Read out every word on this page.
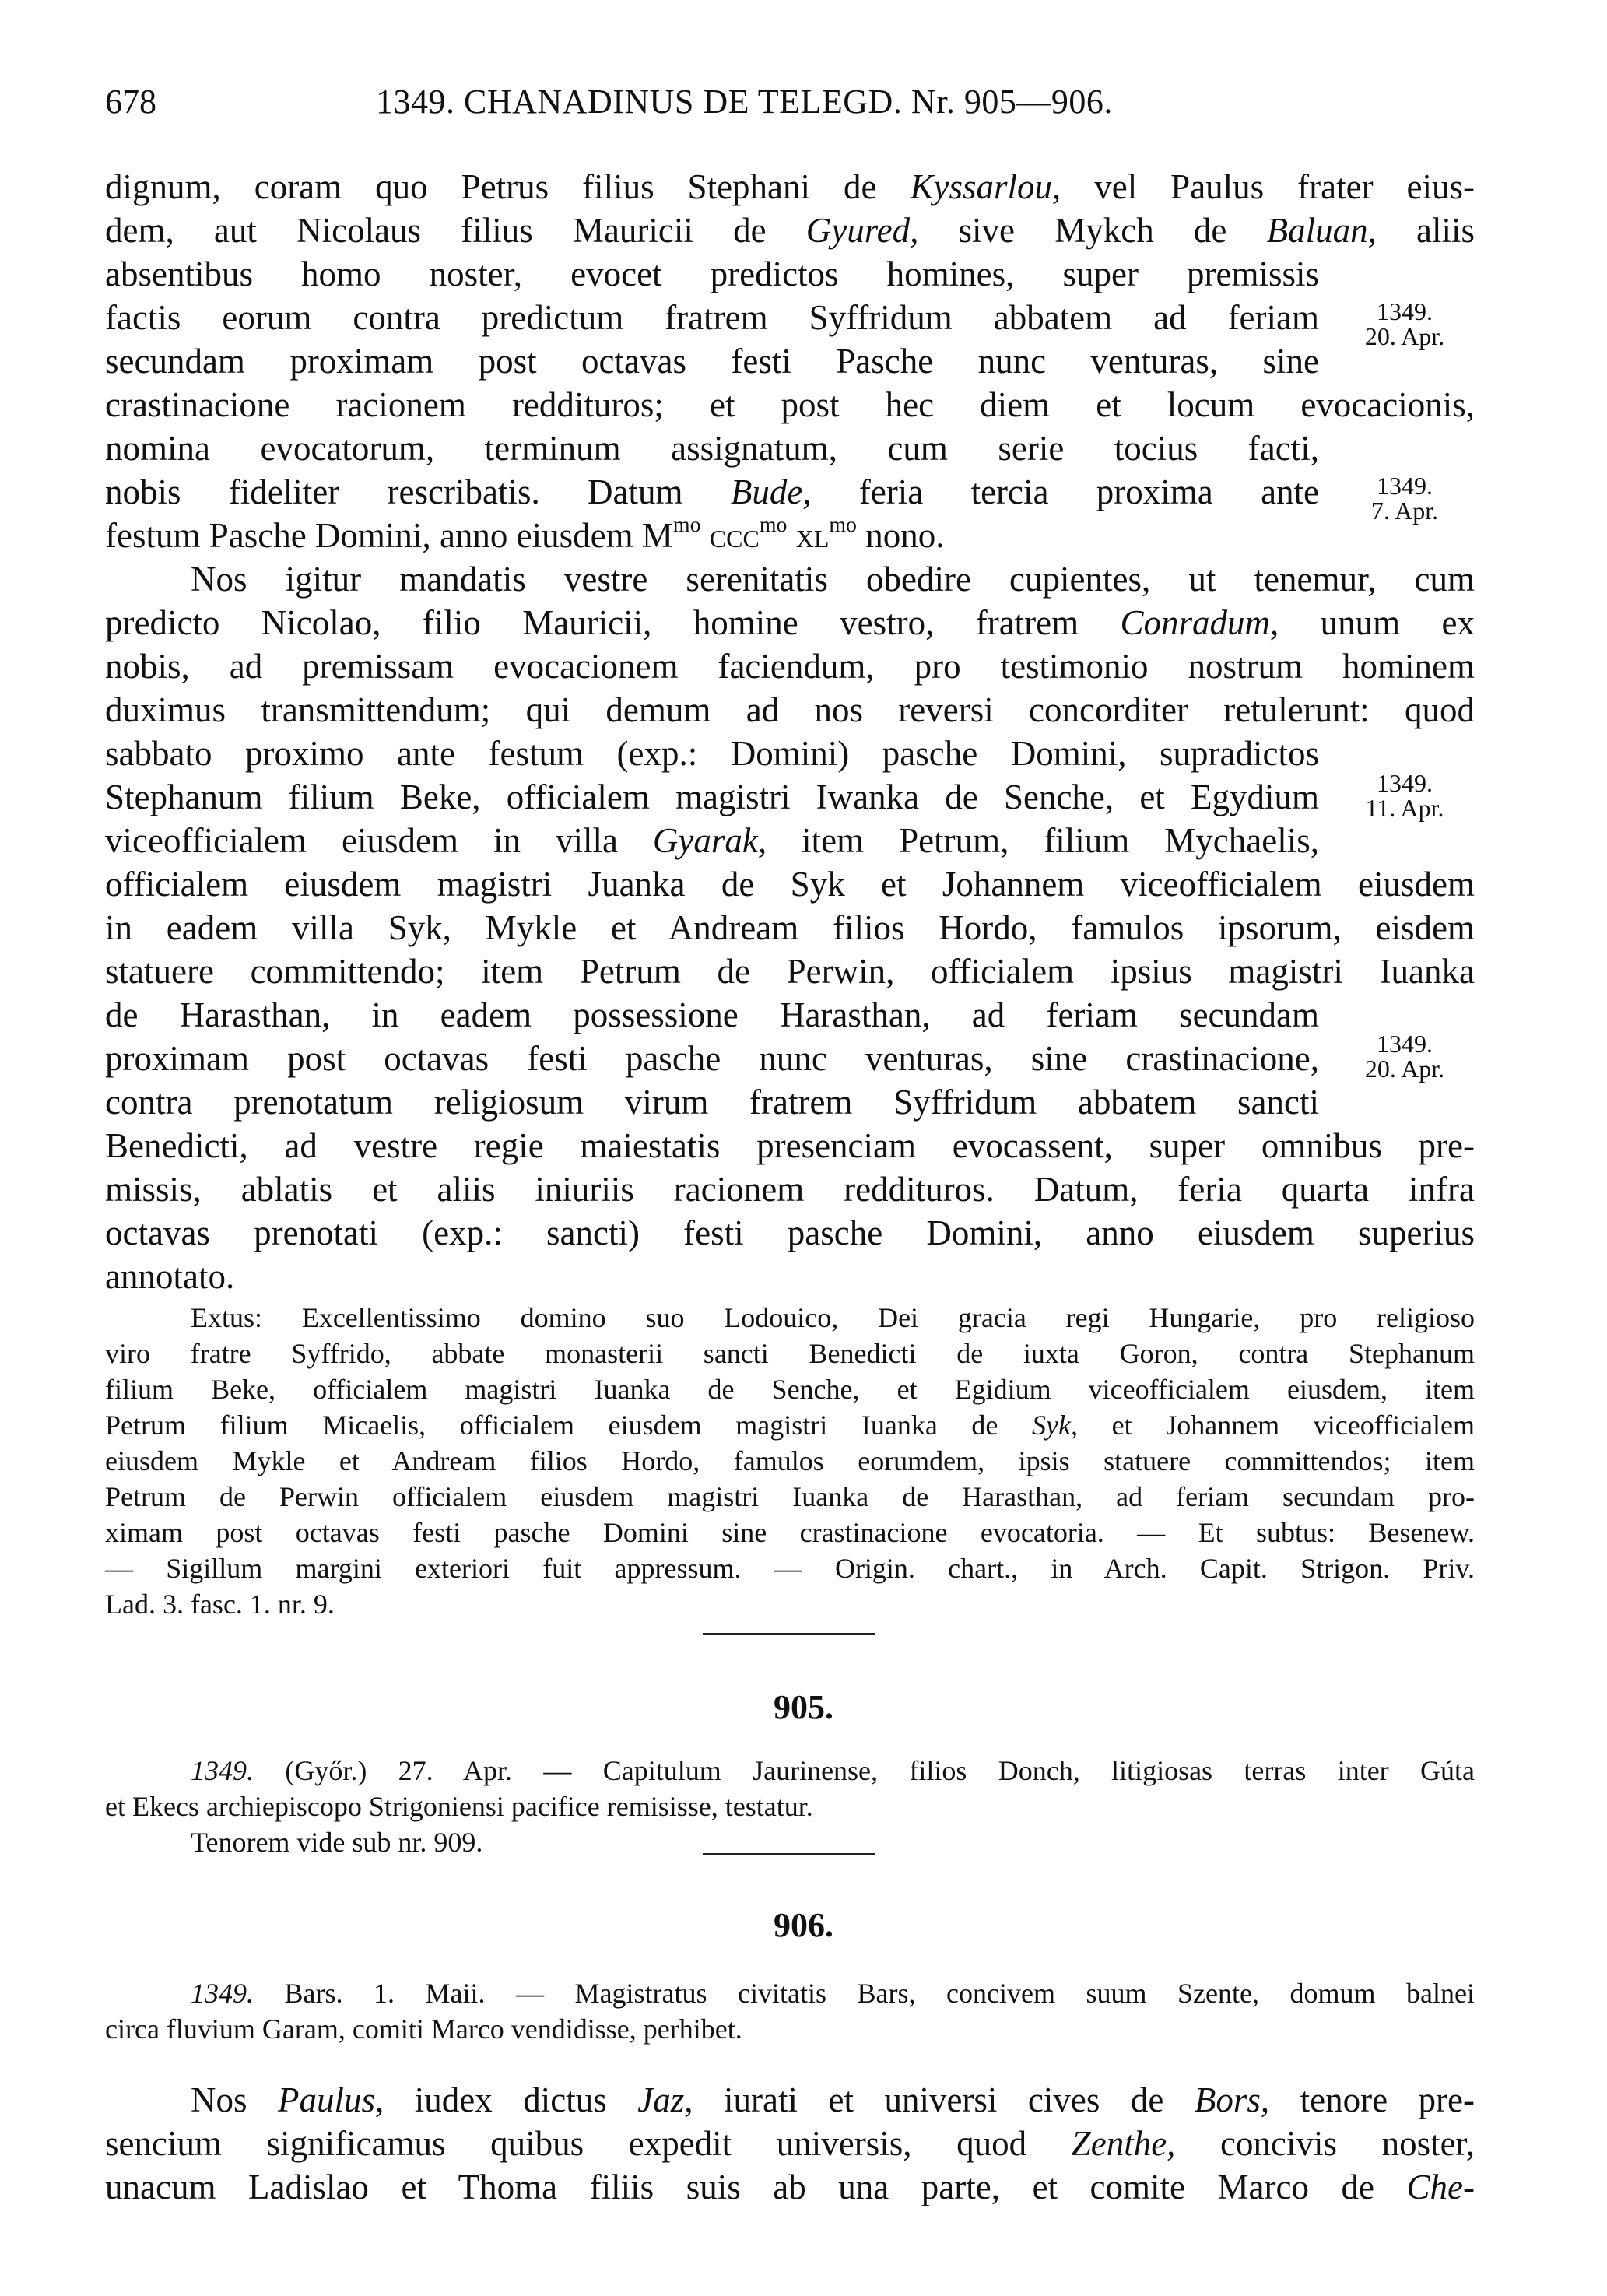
678	1349. CHANADINUS DE TELEGD. Nr. 905—906.
dignum, coram quo Petrus filius Stephani de Kyssarlou, vel Paulus frater eius-
dem, aut Nicolaus filius Mauricii de Gyured, sive Mykch de Baluan, aliis
absentibus homo noster, evocet predictos homines, super premissis
factis eorum contra predictum fratrem Syffridum abbatem ad feriam
secundam proximam post octavas festi Pasche nunc venturas, sine
crastinacione racionem reddituros; et post hec diem et locum evocacionis,
nomina evocatorum, terminum assignatum, cum serie tocius facti,
nobis fideliter rescribatis. Datum Bude, feria tercia proxima ante
festum Pasche Domini, anno eiusdem $M^{mo}$ ccc$^{mo}$ $xl^{mo}$ nono.
1349.
20. Apr.
1349.
7. Apr.
1349.
11. Apr.
1349.
20. Apr.
Nos igitur mandatis vestre serenitatis obedire cupientes, ut tenemur, cum
predicto Nicolao, filio Mauricii, homine vestro, fratrem Conradum, unum ex
nobis, ad premissam evocacionem faciendum, pro testimonio nostrum hominem
duximus transmittendum; qui demum ad nos reversi concorditer retulerunt: quod
sabbato proximo ante festum (exp.: Domini) pasche Domini, supradictos
Stephanum filium Beke, officialem magistri Iwanka de Senche, et Egydium
viceofficialem eiusdem in villa Gyarak, item Petrum, filium Mychaelis,
officialem eiusdem magistri Juanka de Syk et Johannem viceofficialem eiusdem
in eadem villa Syk, Mykle et Andream filios Hordo, famulos ipsorum, eisdem
statuere committendo; item Petrum de Perwin, officialem ipsius magistri Iuanka
de Harasthan, in eadem possessione Harasthan, ad feriam secundam
proximam post octavas festi pasche nunc venturas, sine crastinacione,
contra prenotatum religiosum virum fratrem Syffridum abbatem sancti
Benedicti, ad vestre regie maiestatis presenciam evocassent, super omnibus pre-
missis, ablatis et aliis iniuriis racionem reddituros. Datum, feria quarta infra
octavas prenotati (exp.: sancti) festi pasche Domini, anno eiusdem superius
annotato.
Extus: Excellentissimo domino suo Lodouico, Dei gracia regi Hungarie, pro religioso
viro fratre Syffrido, abbate monasterii sancti Benedicti de iuxta Goron, contra Stephanum
filium Beke, officialem magistri Iuanka de Senche, et Egidium viceofficialem eiusdem, item
Petrum filium Micaelis, officialem eiusdem magistri Iuanka de Syk, et Johannem viceofficialem
eiusdem Mykle et Andream filios Hordo, famulos eorumdem, ipsis statuere committendos; item
Petrum de Perwin officialem eiusdem magistri Iuanka de Harasthan, ad feriam secundam pro-
ximam post octavas festi pasche Domini sine crastinacione evocatoria. — Et subtus: Besenew.
— Sigillum margini exteriori fuit appressum. — Origin. chart., in Arch. Capit. Strigon. Priv.
Lad. 3. fasc. 1. nr. 9.
905.
1349. (Győr.) 27. Apr. — Capitulum Jaurinense, filios Donch, litigiosas terras inter Gúta
et Ekecs archiepiscopo Strigoniensi pacifice remisisse, testatur.
Tenorem vide sub nr. 909.
906.
1349. Bars. 1. Maii. — Magistratus civitatis Bars, concivem suum Szente, domum balnei
circa fluvium Garam, comiti Marco vendidisse, perhibet.
Nos Paulus, iudex dictus Jaz, iurati et universi cives de Bors, tenore pre-
sencium significamus quibus expedit universis, quod Zenthe, concivis noster,
unacum Ladislao et Thoma filiis suis ab una parte, et comite Marco de Che-
